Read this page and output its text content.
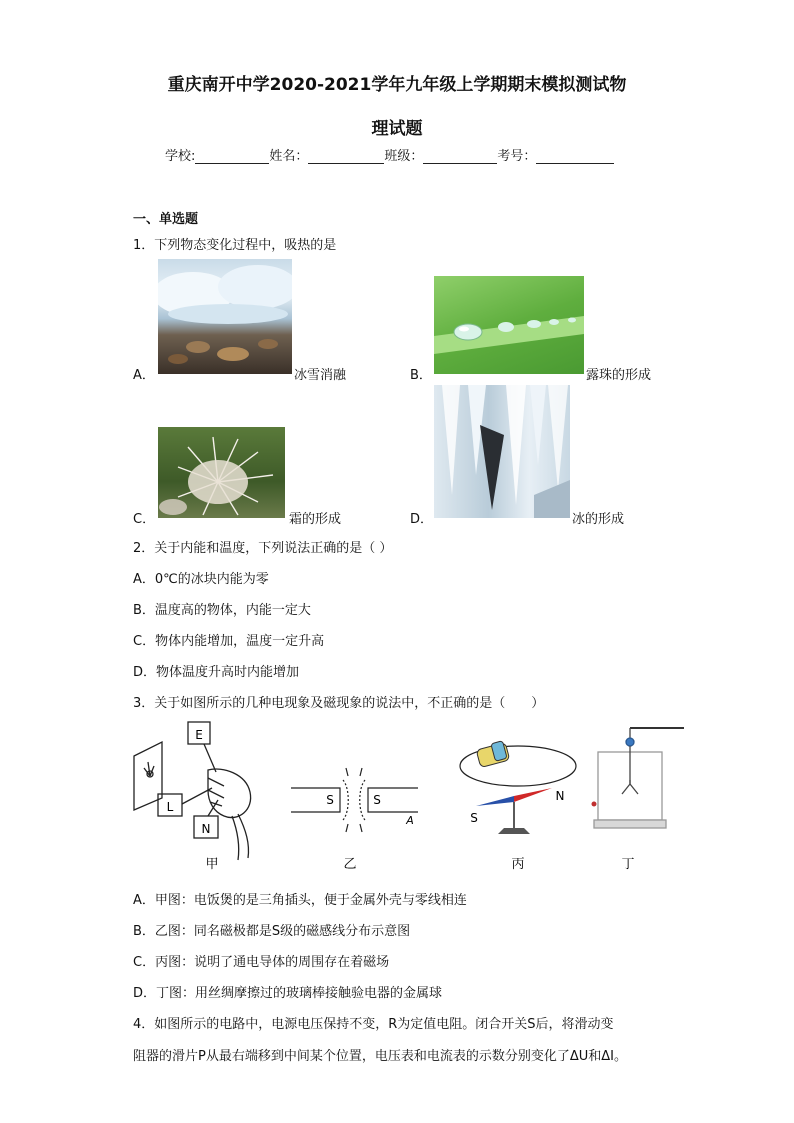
重庆南开中学2020-2021学年九年级上学期期末模拟测试物
理试题
学校:	姓名：	班级：	考号：
一、单选题
1．下列物态变化过程中，吸热的是
A．	冰雪消融	B．	露珠的形成
C．	霜的形成	D．	冰的形成
2．关于内能和温度，下列说法正确的是（ ）
A．0℃的冰块内能为零
B．温度高的物体，内能一定大
C．物体内能增加，温度一定升高
D．物体温度升高时内能增加
3．关于如图所示的几种电现象及磁现象的说法中，不正确的是（　　）
E
L
N
S	S
A
N
S
甲	乙	丙	丁
A．甲图：电饭煲的是三角插头，便于金属外壳与零线相连
B．乙图：同名磁极都是S级的磁感线分布示意图
C．丙图：说明了通电导体的周围存在着磁场
D．丁图：用丝绸摩擦过的玻璃棒接触验电器的金属球
4．如图所示的电路中，电源电压保持不变，R为定值电阻。闭合开关S后，将滑动变
阻器的滑片P从最右端移到中间某个位置，电压表和电流表的示数分别变化了ΔU和ΔI。
